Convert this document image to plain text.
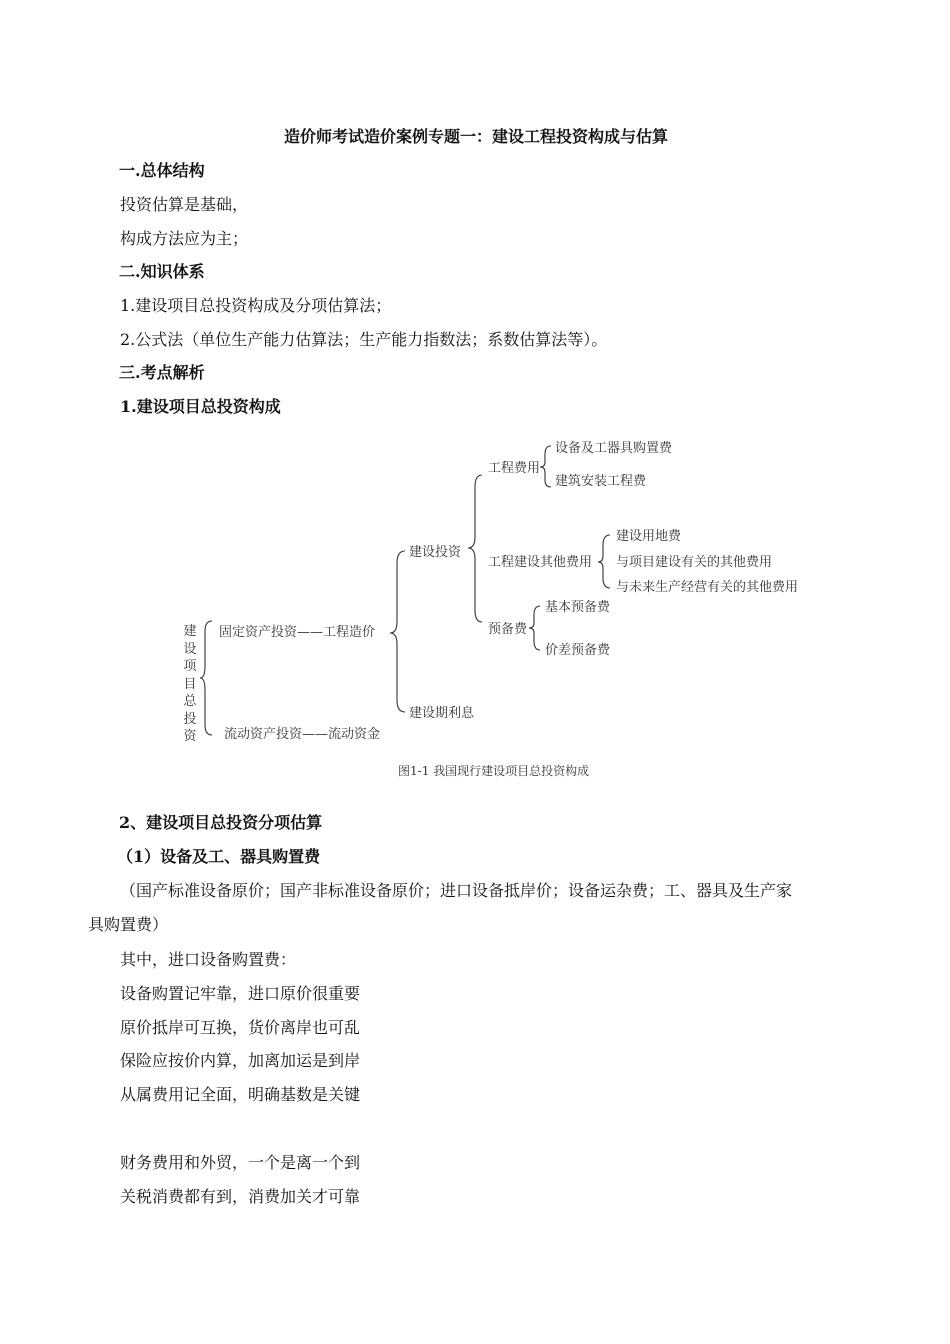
造价师考试造价案例专题一：建设工程投资构成与估算
一.总体结构
投资估算是基础，
构成方法应为主；
二.知识体系
1.建设项目总投资构成及分项估算法；
2.公式法（单位生产能力估算法；生产能力指数法；系数估算法等）。
三.考点解析
1.建设项目总投资构成
建
设
项
目
总
投
资
固定资产投资——工程造价
流动资产投资——流动资金
建设投资
建设期利息
工程费用
设备及工器具购置费
建筑安装工程费
工程建设其他费用
建设用地费
与项目建设有关的其他费用
与未来生产经营有关的其他费用
预备费
基本预备费
价差预备费
图1-1 我国现行建设项目总投资构成
2、建设项目总投资分项估算
（1）设备及工、器具购置费
（国产标准设备原价；国产非标准设备原价；进口设备抵岸价；设备运杂费；工、器具及生产家
具购置费）
其中，进口设备购置费：
设备购置记牢靠，进口原价很重要
原价抵岸可互换，货价离岸也可乱
保险应按价内算，加离加运是到岸
从属费用记全面，明确基数是关键
财务费用和外贸，一个是离一个到
关税消费都有到，消费加关才可靠
